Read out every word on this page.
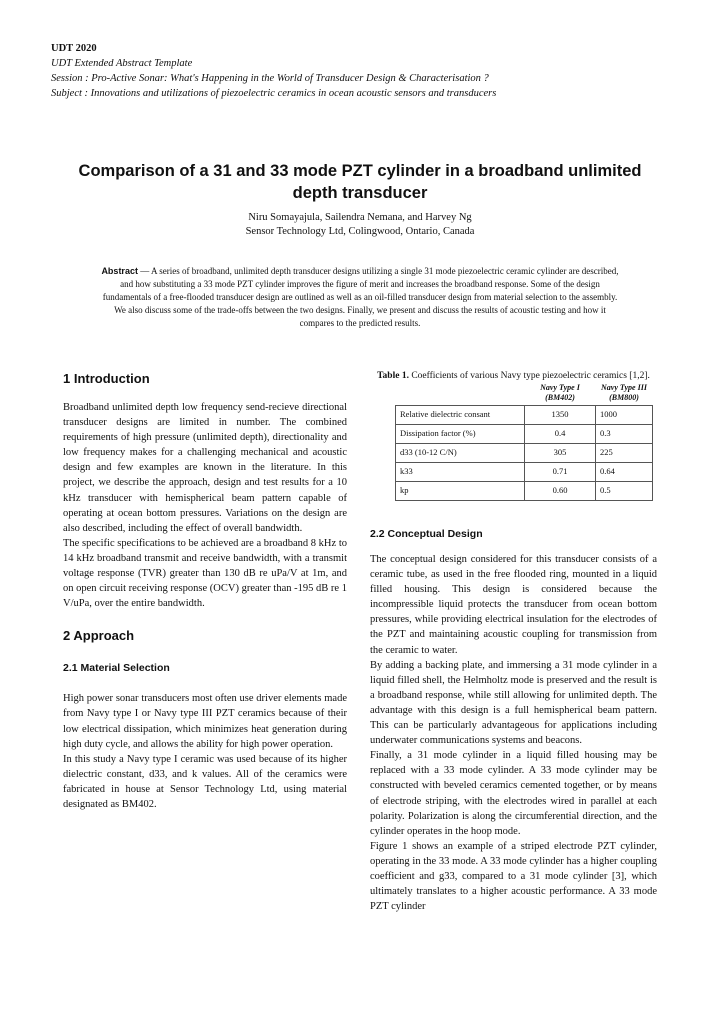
UDT 2020
UDT Extended Abstract Template
Session : Pro-Active Sonar: What's Happening in the World of Transducer Design & Characterisation ?
Subject : Innovations and utilizations of piezoelectric ceramics in ocean acoustic sensors and transducers
Comparison of a 31 and 33 mode PZT cylinder in a broadband unlimited depth transducer
Niru Somayajula, Sailendra Nemana, and Harvey Ng
Sensor Technology Ltd, Colingwood, Ontario, Canada
Abstract — A series of broadband, unlimited depth transducer designs utilizing a single 31 mode piezoelectric ceramic cylinder are described, and how substituting a 33 mode PZT cylinder improves the figure of merit and increases the broadband response. Some of the design fundamentals of a free-flooded transducer design are outlined as well as an oil-filled transducer design from material selection to the assembly. We also discuss some of the trade-offs between the two designs. Finally, we present and discuss the results of acoustic testing and how it compares to the predicted results.
1 Introduction

Broadband unlimited depth low frequency send-recieve directional transducer designs are limited in number. The combined requirements of high pressure (unlimited depth), directionality and low frequency makes for a challenging mechanical and acoustic design and few examples are known in the literature. In this project, we describe the approach, design and test results for a 10 kHz transducer with hemispherical beam pattern capable of operating at ocean bottom pressures. Variations on the design are also described, including the effect of overall bandwidth.

The specific specifications to be achieved are a broadband 8 kHz to 14 kHz broadband transmit and receive bandwidth, with a transmit voltage response (TVR) greater than 130 dB re uPa/V at 1m, and on open circuit receiving response (OCV) greater than -195 dB re 1 V/uPa, over the entire bandwidth.

2 Approach
2.1 Material Selection

High power sonar transducers most often use driver elements made from Navy type I or Navy type III PZT ceramics because of their low electrical dissipation, which minimizes heat generation during high duty cycle, and allows the ability for high power operation.

In this study a Navy type I ceramic was used because of its higher dielectric constant, d33, and k values. All of the ceramics were fabricated in house at Sensor Technology Ltd, using material designated as BM402.

Table 1. Coefficients of various Navy type piezoelectric ceramics [1,2].
	Navy Type I (BM402)	Navy Type III (BM800)
Relative dielectric consant	1350	1000
Dissipation factor (%)	0.4	0.3
d33 (10-12 C/N)	305	225
k33	0.71	0.64
kp	0.60	0.5
2.2 Conceptual Design

The conceptual design considered for this transducer consists of a ceramic tube, as used in the free flooded ring, mounted in a liquid filled housing. This design is considered because the incompressible liquid protects the transducer from ocean bottom pressures, while providing electrical insulation for the electrodes of the PZT and maintaining acoustic coupling for transmission from the ceramic to water.

By adding a backing plate, and immersing a 31 mode cylinder in a liquid filled shell, the Helmholtz mode is preserved and the result is a broadband response, while still allowing for unlimited depth. The advantage with this design is a full hemispherical beam pattern. This can be particularly advantageous for applications including underwater communications systems and beacons.

Finally, a 31 mode cylinder in a liquid filled housing may be replaced with a 33 mode cylinder. A 33 mode cylinder may be constructed with beveled ceramics cemented together, or by means of electrode striping, with the electrodes wired in parallel at each polarity. Polarization is along the circumferential direction, and the cylinder operates in the hoop mode.

Figure 1 shows an example of a striped electrode PZT cylinder, operating in the 33 mode. A 33 mode cylinder has a higher coupling coefficient and g33, compared to a 31 mode cylinder [3], which ultimately translates to a higher acoustic performance. A 33 mode PZT cylinder
